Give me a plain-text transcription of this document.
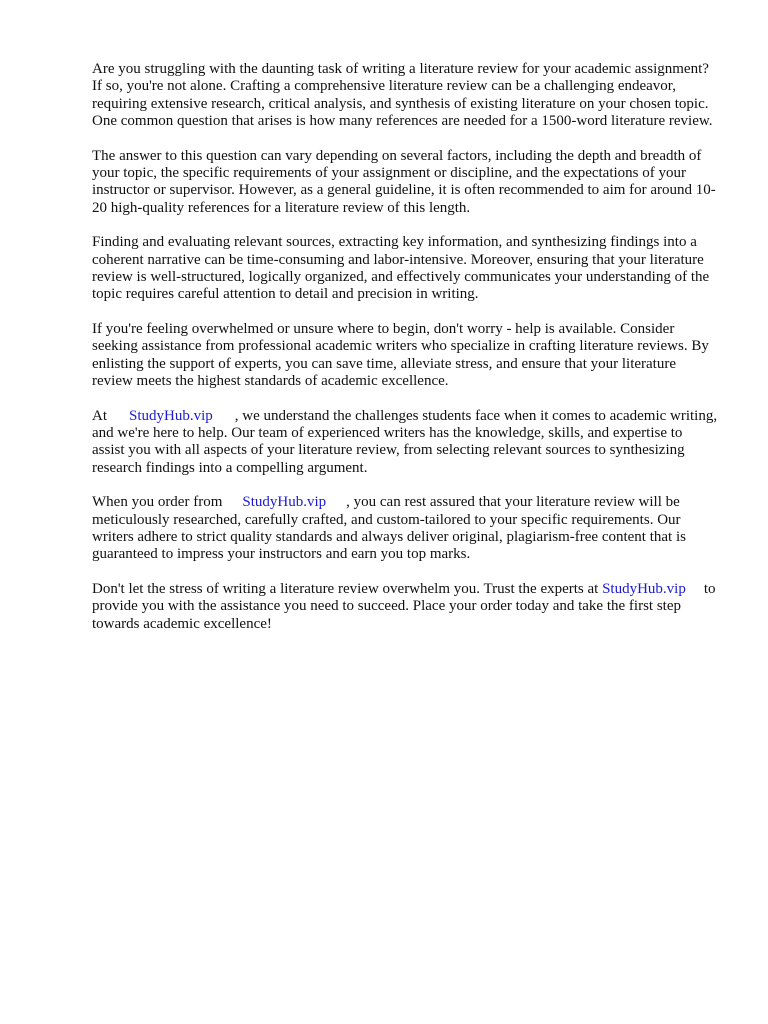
Are you struggling with the daunting task of writing a literature review for your academic assignment? If so, you're not alone. Crafting a comprehensive literature review can be a challenging endeavor, requiring extensive research, critical analysis, and synthesis of existing literature on your chosen topic. One common question that arises is how many references are needed for a 1500-word literature review.

The answer to this question can vary depending on several factors, including the depth and breadth of your topic, the specific requirements of your assignment or discipline, and the expectations of your instructor or supervisor. However, as a general guideline, it is often recommended to aim for around 10-20 high-quality references for a literature review of this length.

Finding and evaluating relevant sources, extracting key information, and synthesizing findings into a coherent narrative can be time-consuming and labor-intensive. Moreover, ensuring that your literature review is well-structured, logically organized, and effectively communicates your understanding of the topic requires careful attention to detail and precision in writing.

If you're feeling overwhelmed or unsure where to begin, don't worry - help is available. Consider seeking assistance from professional academic writers who specialize in crafting literature reviews. By enlisting the support of experts, you can save time, alleviate stress, and ensure that your literature review meets the highest standards of academic excellence.

At StudyHub.vip , we understand the challenges students face when it comes to academic writing, and we're here to help. Our team of experienced writers has the knowledge, skills, and expertise to assist you with all aspects of your literature review, from selecting relevant sources to synthesizing research findings into a compelling argument.

When you order from StudyHub.vip , you can rest assured that your literature review will be meticulously researched, carefully crafted, and custom-tailored to your specific requirements. Our writers adhere to strict quality standards and always deliver original, plagiarism-free content that is guaranteed to impress your instructors and earn you top marks.

Don't let the stress of writing a literature review overwhelm you. Trust the experts at StudyHub.vip to provide you with the assistance you need to succeed. Place your order today and take the first step towards academic excellence!
